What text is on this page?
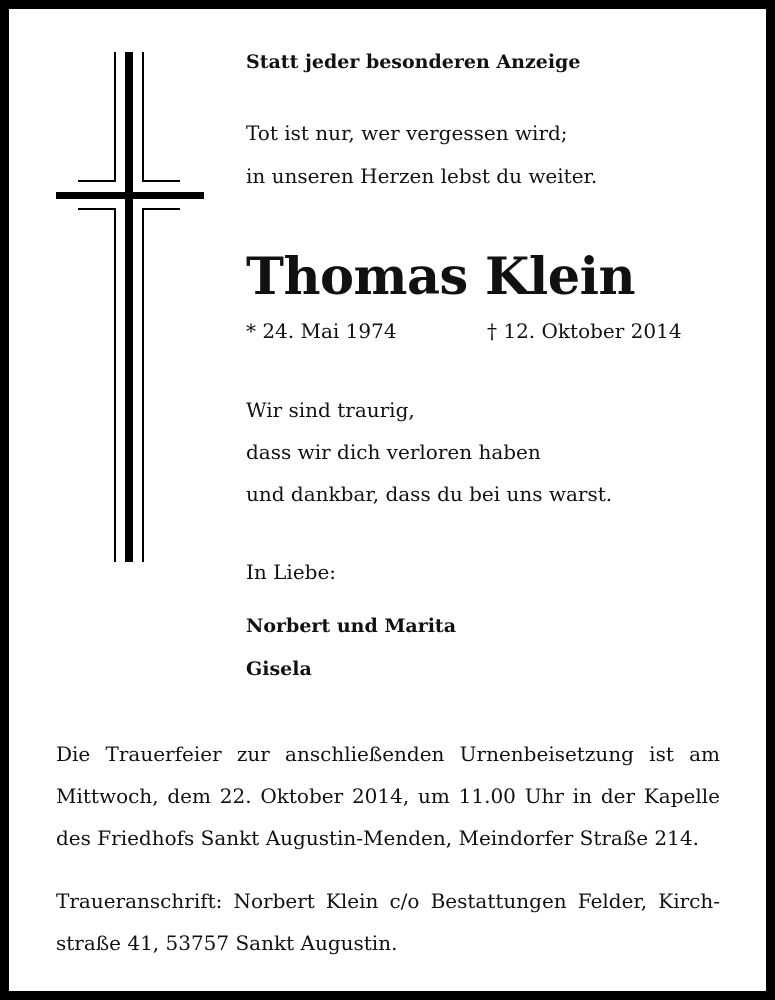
Statt jeder besonderen Anzeige
Tot ist nur, wer vergessen wird;
in unseren Herzen lebst du weiter.
Thomas Klein
* 24. Mai 1974	† 12. Oktober 2014
Wir sind traurig,
dass wir dich verloren haben
und dankbar, dass du bei uns warst.
In Liebe:
Norbert und Marita
Gisela
Die Trauerfeier zur anschließenden Urnenbeisetzung ist am
Mittwoch, dem 22. Oktober 2014, um 11.00 Uhr in der Kapelle
des Friedhofs Sankt Augustin-Menden, Meindorfer Straße 214.
Traueranschrift: Norbert Klein c/o Bestattungen Felder, Kirch-
straße 41, 53757 Sankt Augustin.
